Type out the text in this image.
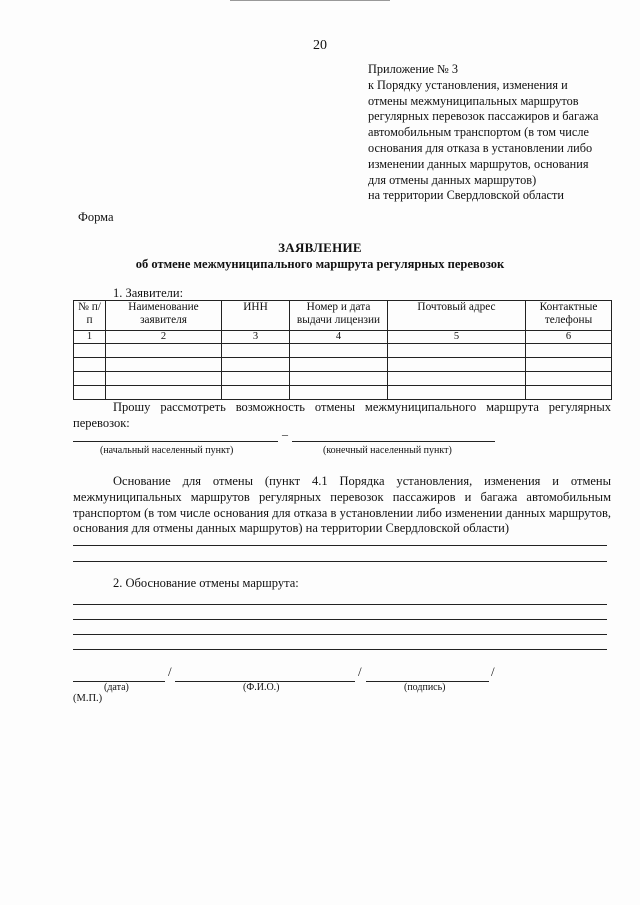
20
Приложение № 3
к Порядку установления, изменения и
отмены межмуниципальных маршрутов
регулярных перевозок пассажиров и багажа
автомобильным транспортом (в том числе
основания для отказа в установлении либо
изменении данных маршрутов, основания
для отмены данных маршрутов)
на территории Свердловской области
Форма
ЗАЯВЛЕНИЕ
об отмене межмуниципального маршрута регулярных перевозок
1. Заявители:
№ п/п	Наименование заявителя	ИНН	Номер и дата выдачи лицензии	Почтовый адрес	Контактные телефоны
1	2	3	4	5	6

Прошу рассмотреть возможность отмены межмуниципального маршрута регулярных перевозок:
–
(начальный населенный пункт)	(конечный населенный пункт)
Основание для отмены (пункт 4.1 Порядка установления, изменения и отмены межмуниципальных маршрутов регулярных перевозок пассажиров и багажа автомобильным транспортом (в том числе основания для отказа в установлении либо изменении данных маршрутов, основания для отмены данных маршрутов) на территории Свердловской области)
2. Обоснование отмены маршрута:
/	/	/
(дата)	(Ф.И.О.)	(подпись)
(М.П.)
